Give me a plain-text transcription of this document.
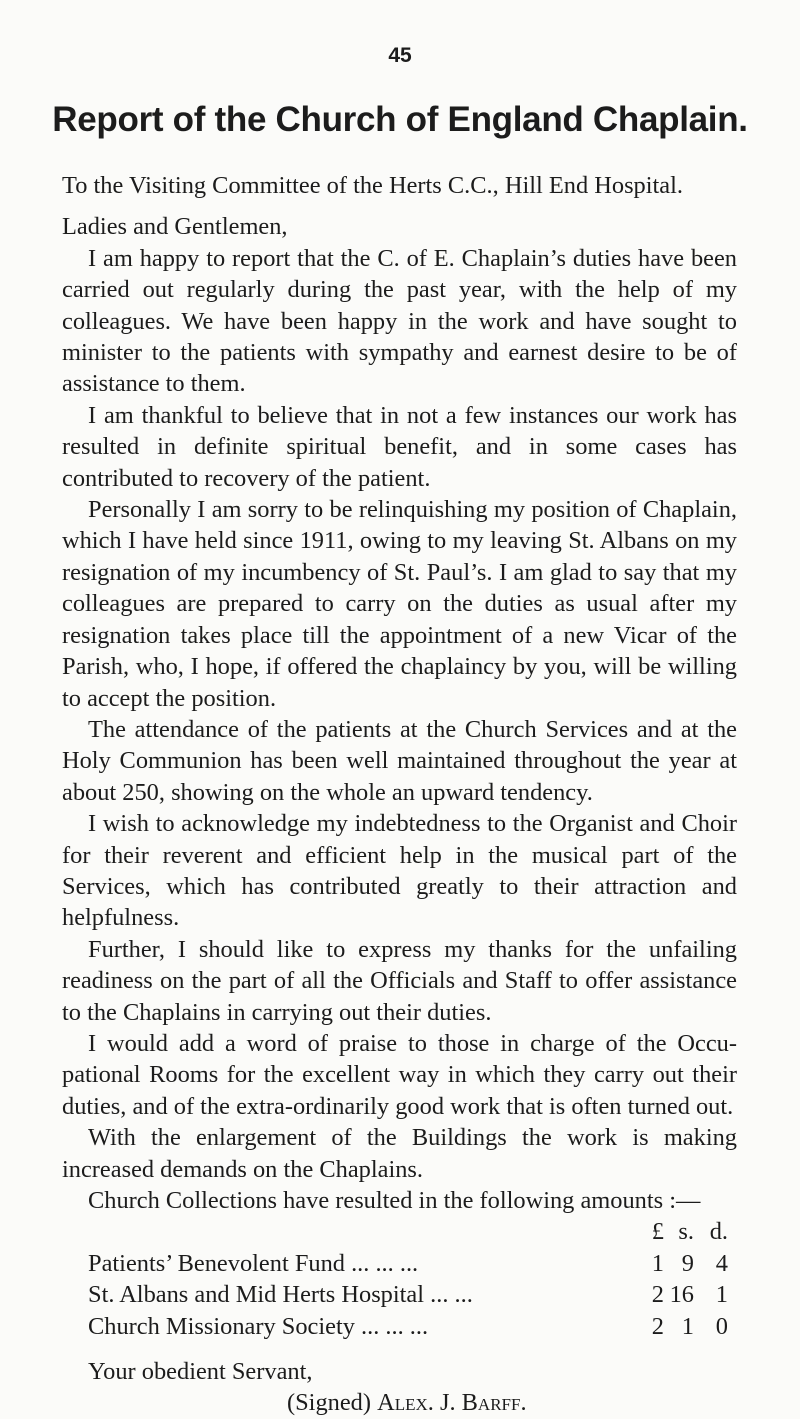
45
Report of the Church of England Chaplain.

To the Visiting Committee of the Herts C.C., Hill End Hospital.

Ladies and Gentlemen,

I am happy to report that the C. of E. Chaplain’s duties have been carried out regularly during the past year, with the help of my colleagues. We have been happy in the work and have sought to minister to the patients with sympathy and earnest desire to be of assistance to them.

I am thankful to believe that in not a few instances our work has resulted in definite spiritual benefit, and in some cases has contributed to recovery of the patient.

Personally I am sorry to be relinquishing my position of Chaplain, which I have held since 1911, owing to my leaving St. Albans on my resignation of my incumbency of St. Paul’s. I am glad to say that my colleagues are prepared to carry on the duties as usual after my resignation takes place till the appointment of a new Vicar of the Parish, who, I hope, if offered the chaplaincy by you, will be willing to accept the position.

The attendance of the patients at the Church Services and at the Holy Communion has been well maintained throughout the year at about 250, showing on the whole an upward tendency.

I wish to acknowledge my indebtedness to the Organist and Choir for their reverent and efficient help in the musical part of the Services, which has contributed greatly to their attraction and helpfulness.

Further, I should like to express my thanks for the unfailing readiness on the part of all the Officials and Staff to offer assistance to the Chaplains in carrying out their duties.

I would add a word of praise to those in charge of the Occu-pational Rooms for the excellent way in which they carry out their duties, and of the extra-ordinarily good work that is often turned out.

With the enlargement of the Buildings the work is making increased demands on the Chaplains.

Church Collections have resulted in the following amounts :—

£ s. d.
Patients’ Benevolent Fund ... ... ...	1 9 4
St. Albans and Mid Herts Hospital ... ...	2 16 1
Church Missionary Society ... ... ...	2 1 0
Your obedient Servant,
(Signed) Alex. J. Barff.
